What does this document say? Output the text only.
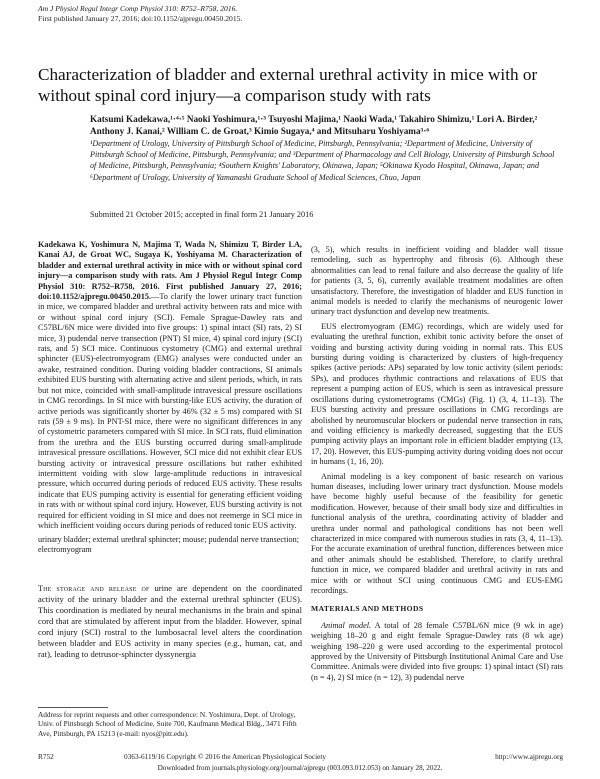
Am J Physiol Regul Integr Comp Physiol 310: R752–R758, 2016.
First published January 27, 2016; doi:10.1152/ajpregu.00450.2015.
Characterization of bladder and external urethral activity in mice with or without spinal cord injury—a comparison study with rats
Katsumi Kadekawa,¹·⁴·⁵ Naoki Yoshimura,¹·³ Tsuyoshi Majima,¹ Naoki Wada,¹ Takahiro Shimizu,¹ Lori A. Birder,² Anthony J. Kanai,² William C. de Groat,³ Kimio Sugaya,⁴ and Mitsuharu Yoshiyama³·⁶
¹Department of Urology, University of Pittsburgh School of Medicine, Pittsburgh, Pennsylvania; ²Department of Medicine, University of Pittsburgh School of Medicine, Pittsburgh, Pennsylvania; and ³Department of Pharmacology and Cell Biology, University of Pittsburgh School of Medicine, Pittsburgh, Pennsylvania; ⁴Southern Knights' Laboratory, Okinawa, Japan; ⁵Okinawa Kyodo Hospital, Okinawa, Japan; and ⁶Department of Urology, University of Yamanashi Graduate School of Medical Sciences, Chuo, Japan
Submitted 21 October 2015; accepted in final form 21 January 2016

Kadekawa K, Yoshimura N, Majima T, Wada N, Shimizu T, Birder LA, Kanai AJ, de Groat WC, Sugaya K, Yoshiyama M. Characterization of bladder and external urethral activity in mice with or without spinal cord injury—a comparison study with rats. Am J Physiol Regul Integr Comp Physiol 310: R752–R758, 2016. First published January 27, 2016; doi:10.1152/ajpregu.00450.2015.—To clarify the lower urinary tract function in mice, we compared bladder and urethral activity between rats and mice with or without spinal cord injury (SCI). Female Sprague-Dawley rats and C57BL/6N mice were divided into five groups: 1) spinal intact (SI) rats, 2) SI mice, 3) pudendal nerve transection (PNT) SI mice, 4) spinal cord injury (SCI) rats, and 5) SCI mice. Continuous cystometry (CMG) and external urethral sphincter (EUS)-electromyogram (EMG) analyses were conducted under an awake, restrained condition. During voiding bladder contractions, SI animals exhibited EUS bursting with alternating active and silent periods, which, in rats but not mice, coincided with small-amplitude intravesical pressure oscillations in CMG recordings. In SI mice with bursting-like EUS activity, the duration of active periods was significantly shorter by 46% (32 ± 5 ms) compared with SI rats (59 ± 9 ms). In PNT-SI mice, there were no significant differences in any of cystometric parameters compared with SI mice. In SCI rats, fluid elimination from the urethra and the EUS bursting occurred during small-amplitude intravesical pressure oscillations. However, SCI mice did not exhibit clear EUS bursting activity or intravesical pressure oscillations but rather exhibited intermittent voiding with slow large-amplitude reductions in intravesical pressure, which occurred during periods of reduced EUS activity. These results indicate that EUS pumping activity is essential for generating efficient voiding in rats with or without spinal cord injury. However, EUS bursting activity is not required for efficient voiding in SI mice and does not reemerge in SCI mice in which inefficient voiding occurs during periods of reduced tonic EUS activity.

urinary bladder; external urethral sphincter; mouse; pudendal nerve transection; electromyogram
The storage and release of urine are dependent on the coordinated activity of the urinary bladder and the external urethral sphincter (EUS). This coordination is mediated by neural mechanisms in the brain and spinal cord that are stimulated by afferent input from the bladder. However, spinal cord injury (SCI) rostral to the lumbosacral level alters the coordination between bladder and EUS activity in many species (e.g., human, cat, and rat), leading to detrusor-sphincter dyssynergia

(3, 5), which results in inefficient voiding and bladder wall tissue remodeling, such as hypertrophy and fibrosis (6). Although these abnormalities can lead to renal failure and also decrease the quality of life for patients (3, 5, 6), currently available treatment modalities are often unsatisfactory. Therefore, the investigation of bladder and EUS function in animal models is needed to clarify the mechanisms of neurogenic lower urinary tract dysfunction and develop new treatments.

EUS electromyogram (EMG) recordings, which are widely used for evaluating the urethral function, exhibit tonic activity before the onset of voiding and bursting activity during voiding in normal rats. This EUS bursting during voiding is characterized by clusters of high-frequency spikes (active periods: APs) separated by low tonic activity (silent periods: SPs), and produces rhythmic contractions and relaxations of EUS that represent a pumping action of EUS, which is seen as intravesical pressure oscillations during cystometrograms (CMGs) (Fig. 1) (3, 4, 11–13). The EUS bursting activity and pressure oscillations in CMG recordings are abolished by neuromuscular blockers or pudendal nerve transection in rats, and voiding efficiency is markedly decreased, suggesting that the EUS pumping activity plays an important role in efficient bladder emptying (13, 17, 20). However, this EUS-pumping activity during voiding does not occur in humans (1, 16, 20).

Animal modeling is a key component of basic research on various human diseases, including lower urinary tract dysfunction. Mouse models have become highly useful because of the feasibility for genetic modification. However, because of their small body size and difficulties in functional analysis of the urethra, coordinating activity of bladder and urethra under normal and pathological conditions has not been well characterized in mice compared with numerous studies in rats (3, 4, 11–13). For the accurate examination of urethral function, differences between mice and other animals should be established. Therefore, to clarify urethral function in mice, we compared bladder and urethral activity in rats and mice with or without SCI using continuous CMG and EUS-EMG recordings.

MATERIALS AND METHODS

Animal model. A total of 28 female C57BL/6N mice (9 wk in age) weighing 18–20 g and eight female Sprague-Dawley rats (8 wk age) weighing 198–220 g were used according to the experimental protocol approved by the University of Pittsburgh Institutional Animal Care and Use Committee. Animals were divided into five groups: 1) spinal intact (SI) rats (n = 4), 2) SI mice (n = 12), 3) pudendal nerve

Address for reprint requests and other correspondence: N. Yoshimura, Dept. of Urology, Univ. of Pittsburgh School of Medicine, Suite 700, Kaufmann Medical Bldg., 3471 Fifth Ave, Pittsburgh, PA 15213 (e-mail: nyos@pitt.edu).
R752	0363-6119/16 Copyright © 2016 the American Physiological Society	http://www.ajpregu.org
Downloaded from journals.physiology.org/journal/ajpregu (003.093.012.053) on January 28, 2022.
